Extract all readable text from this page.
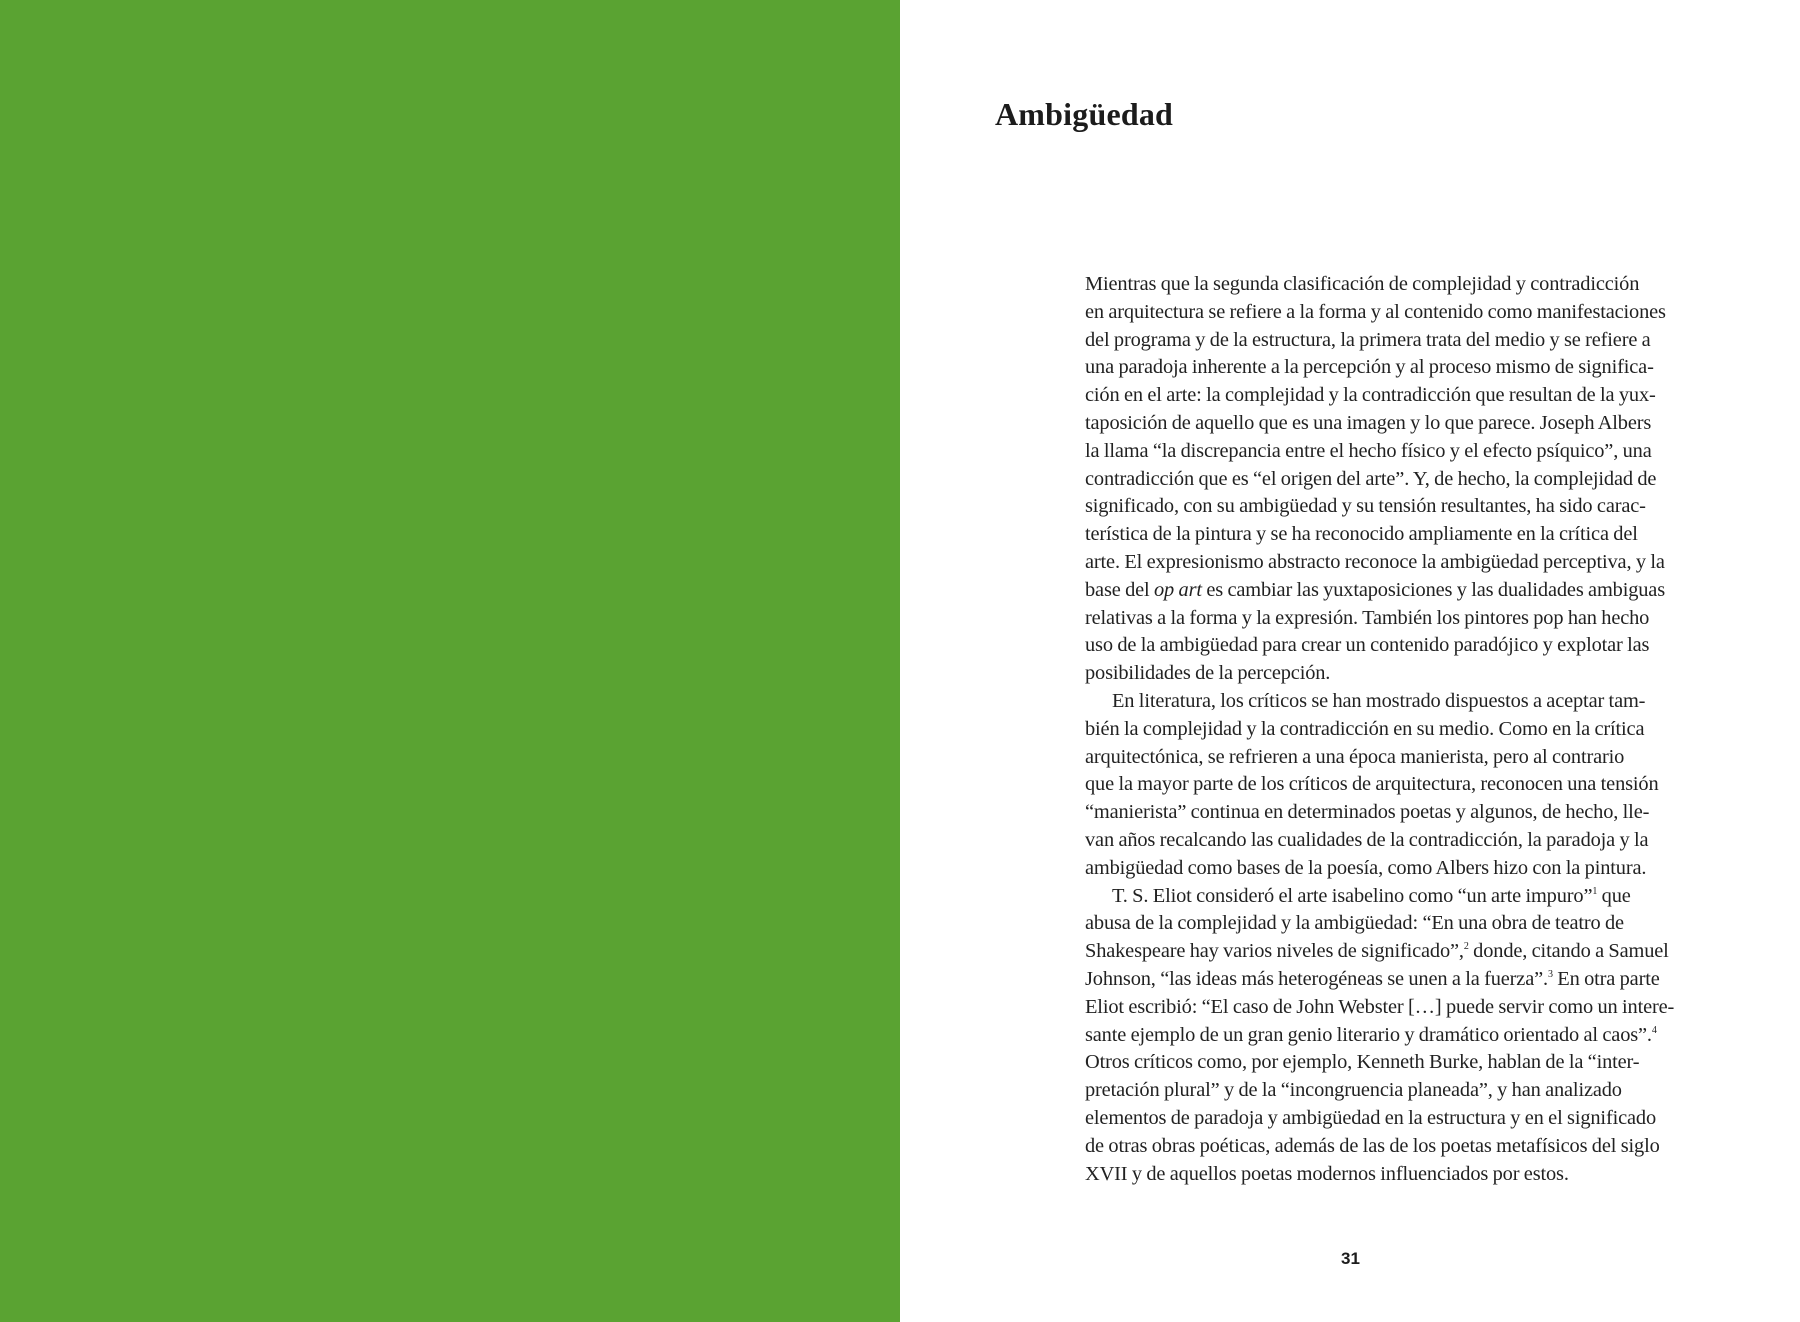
Ambigüedad
Mientras que la segunda clasificación de complejidad y contradicción
en arquitectura se refiere a la forma y al contenido como manifestaciones
del programa y de la estructura, la primera trata del medio y se refiere a
una paradoja inherente a la percepción y al proceso mismo de significa-
ción en el arte: la complejidad y la contradicción que resultan de la yux-
taposición de aquello que es una imagen y lo que parece. Joseph Albers
la llama “la discrepancia entre el hecho físico y el efecto psíquico”, una
contradicción que es “el origen del arte”. Y, de hecho, la complejidad de
significado, con su ambigüedad y su tensión resultantes, ha sido carac-
terística de la pintura y se ha reconocido ampliamente en la crítica del
arte. El expresionismo abstracto reconoce la ambigüedad perceptiva, y la
base del op art es cambiar las yuxtaposiciones y las dualidades ambiguas
relativas a la forma y la expresión. También los pintores pop han hecho
uso de la ambigüedad para crear un contenido paradójico y explotar las
posibilidades de la percepción.
En literatura, los críticos se han mostrado dispuestos a aceptar tam-
bién la complejidad y la contradicción en su medio. Como en la crítica
arquitectónica, se refrieren a una época manierista, pero al contrario
que la mayor parte de los críticos de arquitectura, reconocen una tensión
“manierista” continua en determinados poetas y algunos, de hecho, lle-
van años recalcando las cualidades de la contradicción, la paradoja y la
ambigüedad como bases de la poesía, como Albers hizo con la pintura.
T. S. Eliot consideró el arte isabelino como “un arte impuro”$^1$ que
abusa de la complejidad y la ambigüedad: “En una obra de teatro de
Shakespeare hay varios niveles de significado”,$^2$ donde, citando a Samuel
Johnson, “las ideas más heterogéneas se unen a la fuerza”.$^3$ En otra parte
Eliot escribió: “El caso de John Webster […] puede servir como un intere-
sante ejemplo de un gran genio literario y dramático orientado al caos”.$^4$
Otros críticos como, por ejemplo, Kenneth Burke, hablan de la “inter-
pretación plural” y de la “incongruencia planeada”, y han analizado
elementos de paradoja y ambigüedad en la estructura y en el significado
de otras obras poéticas, además de las de los poetas metafísicos del siglo
XVII y de aquellos poetas modernos influenciados por estos.

31
